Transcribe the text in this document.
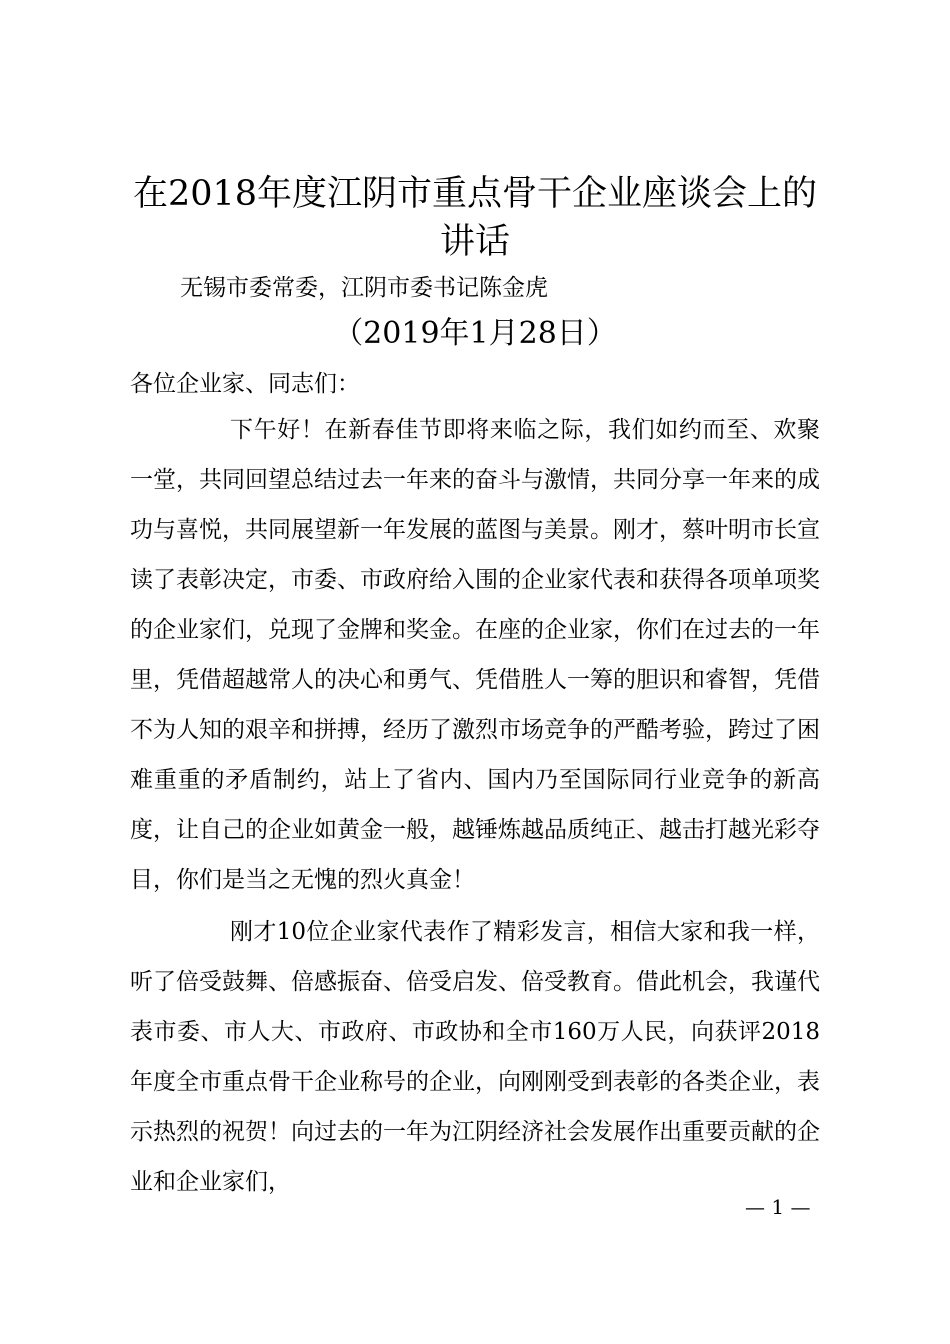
在2018年度江阴市重点骨干企业座谈会上的讲话

无锡市委常委，江阴市委书记陈金虎

（2019年1月28日）

各位企业家、同志们：

下午好！在新春佳节即将来临之际，我们如约而至、欢聚一堂，共同回望总结过去一年来的奋斗与激情，共同分享一年来的成功与喜悦，共同展望新一年发展的蓝图与美景。刚才，蔡叶明市长宣读了表彰决定，市委、市政府给入围的企业家代表和获得各项单项奖的企业家们，兑现了金牌和奖金。在座的企业家，你们在过去的一年里，凭借超越常人的决心和勇气、凭借胜人一筹的胆识和睿智，凭借不为人知的艰辛和拼搏，经历了激烈市场竞争的严酷考验，跨过了困难重重的矛盾制约，站上了省内、国内乃至国际同行业竞争的新高度，让自己的企业如黄金一般，越锤炼越品质纯正、越击打越光彩夺目，你们是当之无愧的烈火真金！

刚才10位企业家代表作了精彩发言，相信大家和我一样，听了倍受鼓舞、倍感振奋、倍受启发、倍受教育。借此机会，我谨代表市委、市人大、市政府、市政协和全市160万人民，向获评2018年度全市重点骨干企业称号的企业，向刚刚受到表彰的各类企业，表示热烈的祝贺！向过去的一年为江阴经济社会发展作出重要贡献的企业和企业家们，

— 1 —
